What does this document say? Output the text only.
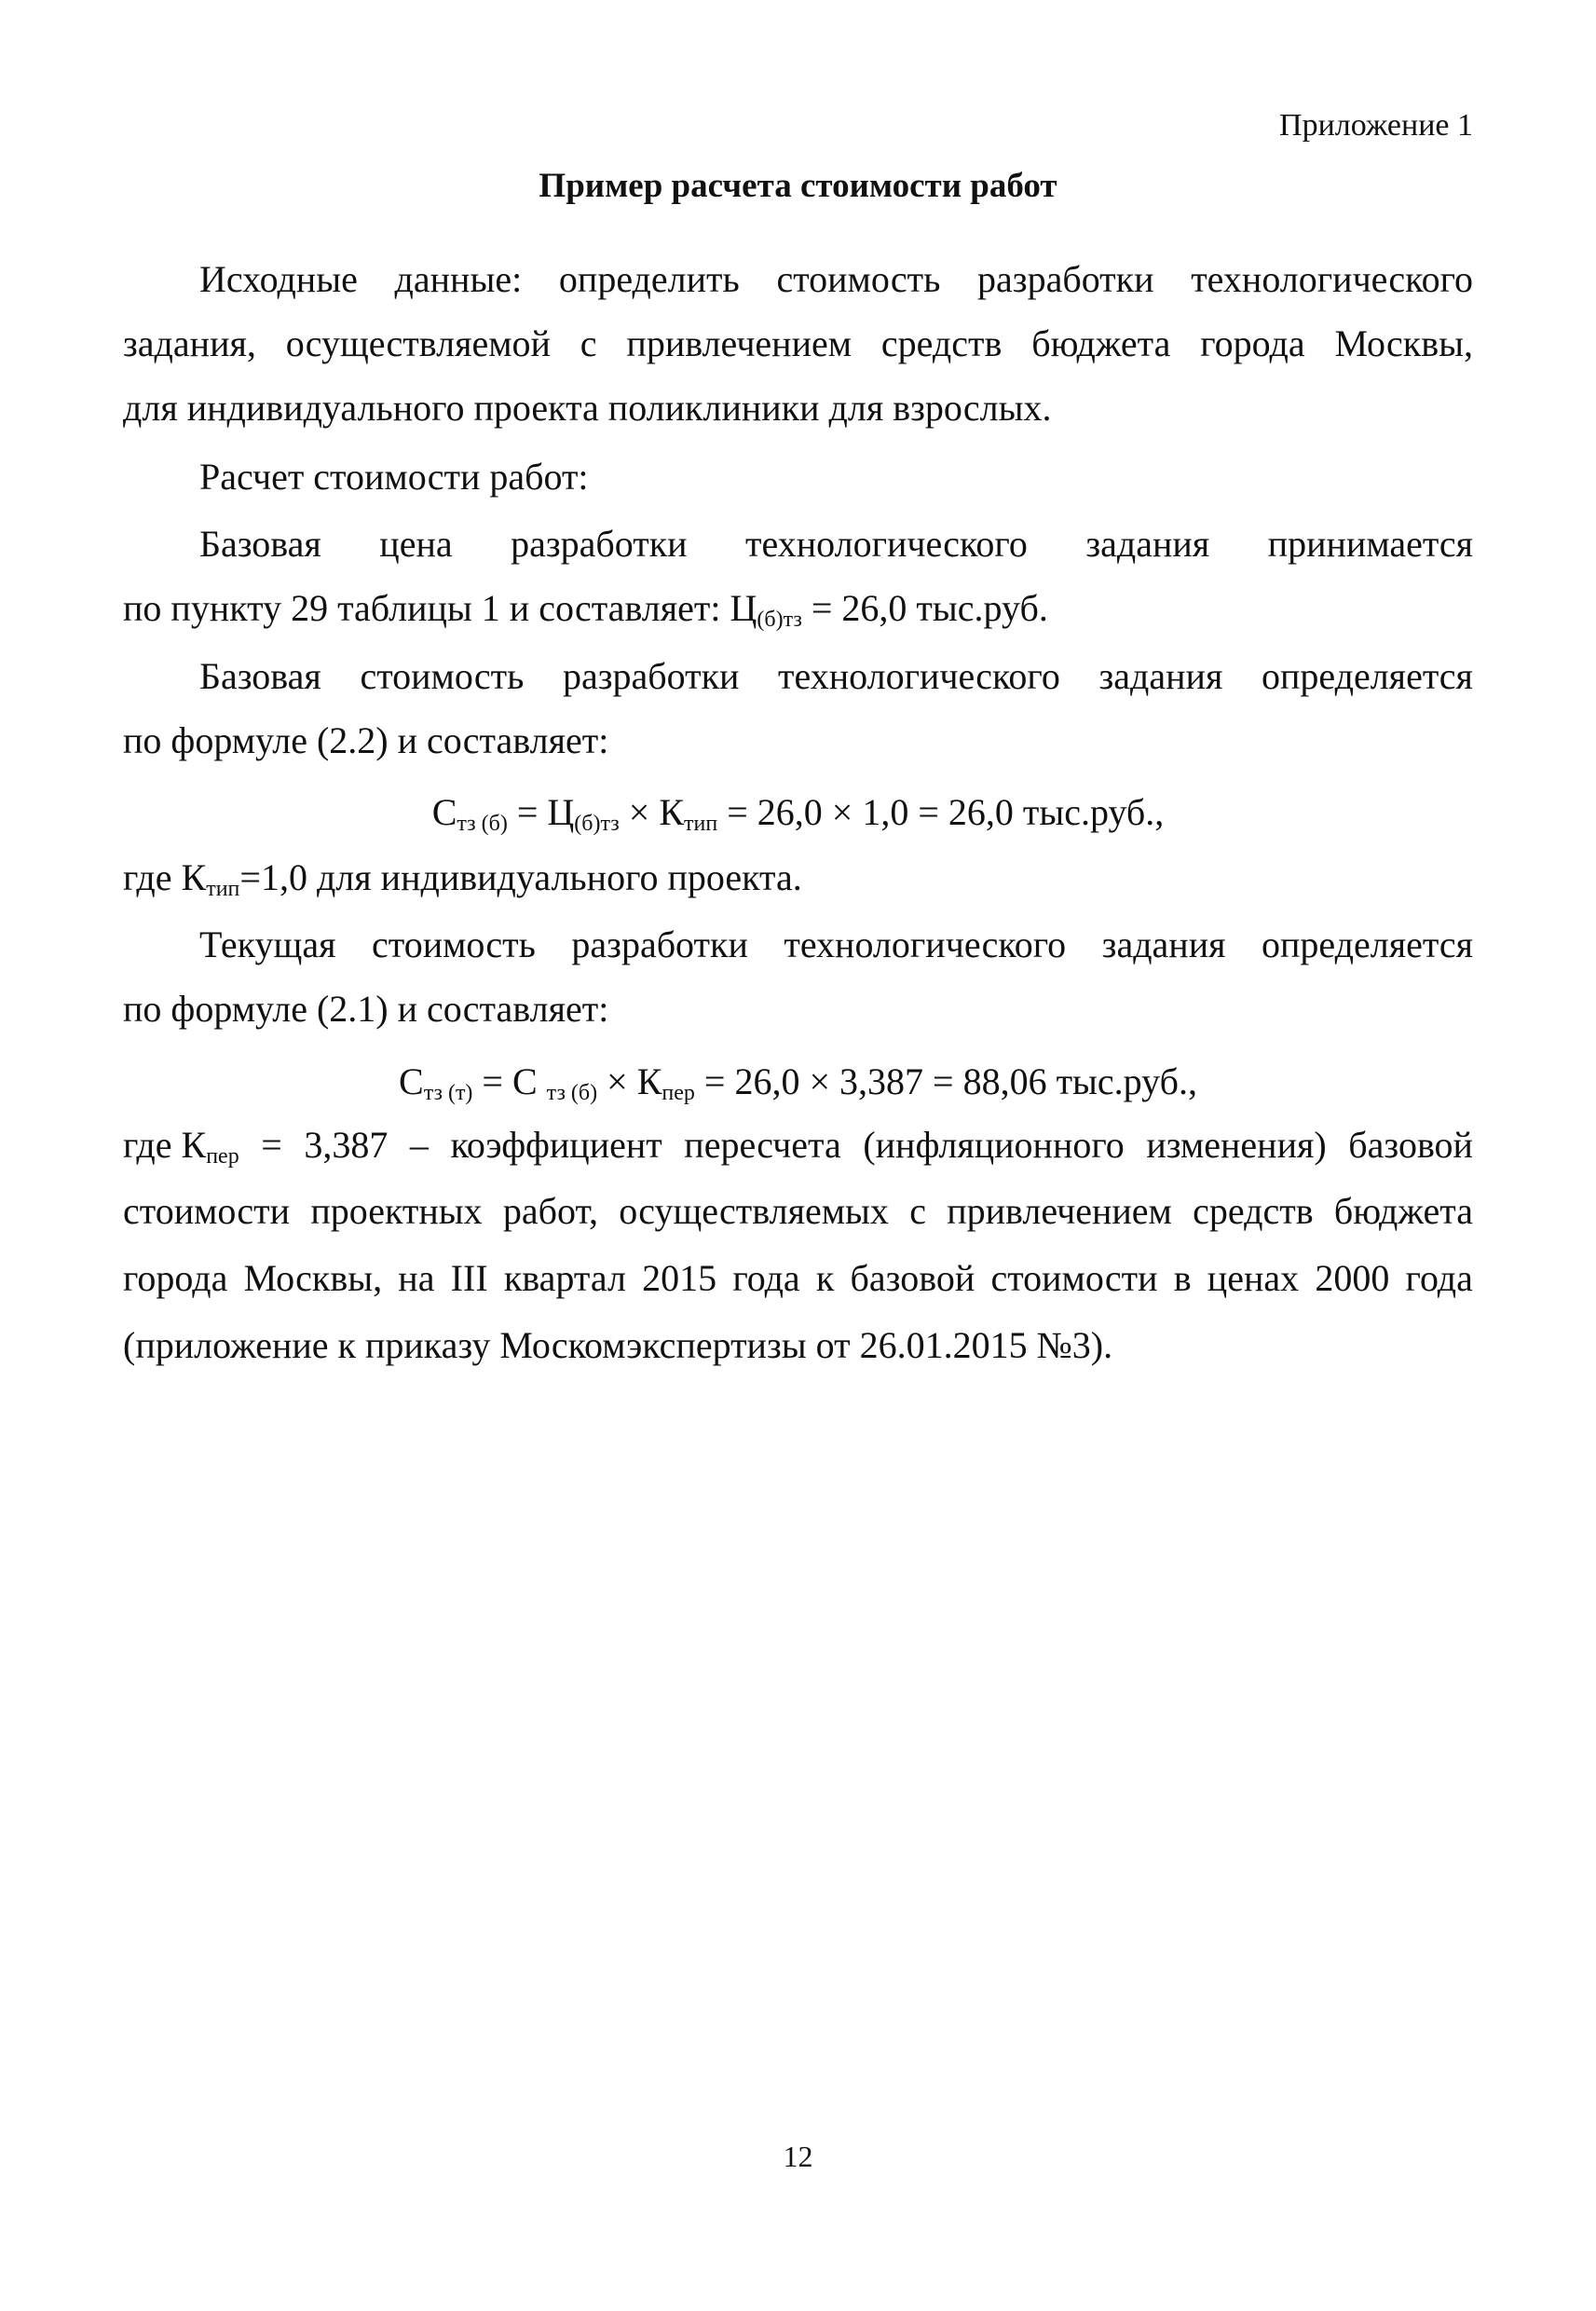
Приложение 1
Пример расчета стоимости работ
Исходные данные: определить стоимость разработки технологического
задания, осуществляемой с привлечением средств бюджета города Москвы,
для индивидуального проекта поликлиники для взрослых.
Расчет стоимости работ:
Базовая цена разработки технологического задания принимается
по пункту 29 таблицы 1 и составляет: $Ц_{(б)тз} = 26,0$ тыс.руб.
Базовая стоимость разработки технологического задания определяется
по формуле (2.2) и составляет:
$С_{тз (б)} = Ц_{(б)тз} \times К_{тип} = 26,0 \times 1,0 = 26,0$ тыс.руб.,
где $К_{тип}=1,0$ для индивидуального проекта.
Текущая стоимость разработки технологического задания определяется
по формуле (2.1) и составляет:
$С_{тз (т)} = С$ $_{тз (б)} \times К_{пер} = 26,0 \times 3,387 = 88,06$ тыс.руб.,
где $К_{пер} = 3,387$ – коэффициент пересчета (инфляционного изменения) базовой
стоимости проектных работ, осуществляемых с привлечением средств бюджета
города Москвы, на III квартал 2015 года к базовой стоимости в ценах 2000 года
(приложение к приказу Москомэкспертизы от 26.01.2015 №3).
12
